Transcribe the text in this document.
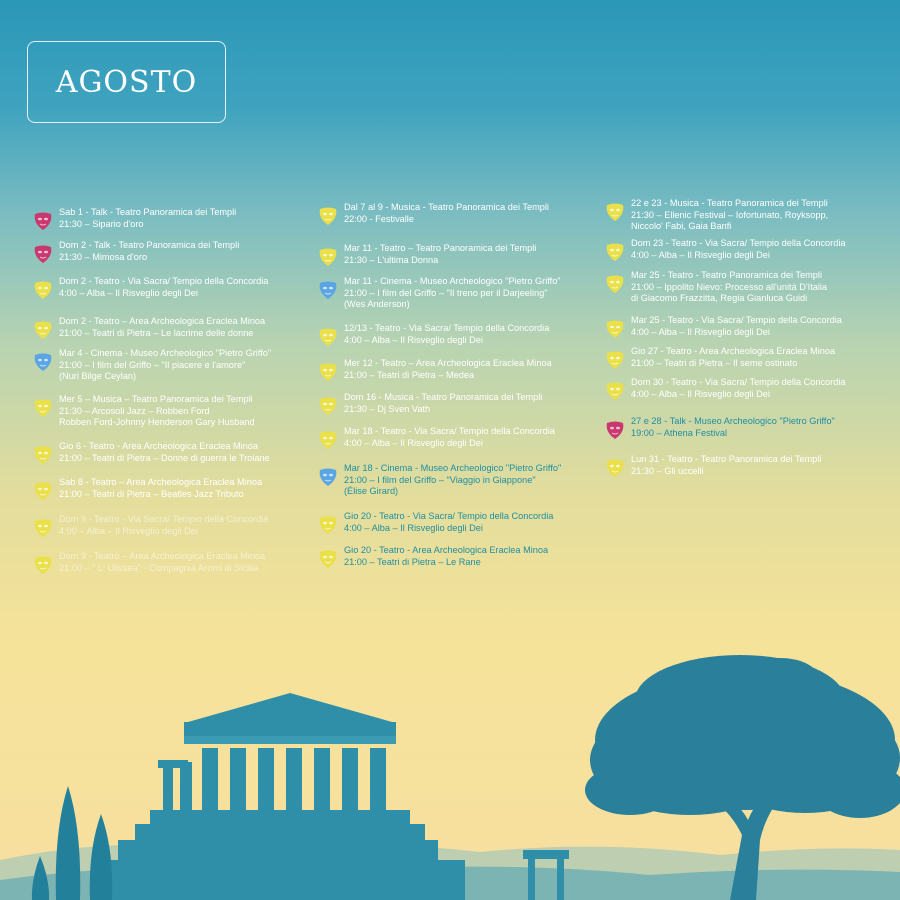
AGOSTO
Sab 1 - Talk - Teatro Panoramica dei Templi
21:30 – Sipario d'oro
Dom 2 - Talk - Teatro Panoramica dei Templi
21:30 – Mimosa d'oro
Dom 2 - Teatro - Via Sacra/ Tempio della Concordia
4:00 – Alba – Il Risveglio degli Dei
Dom 2 - Teatro – Area Archeologica Eraclea Minoa
21:00 – Teatri di Pietra – Le lacrime delle donne
Mar 4 - Cinema - Museo Archeologico "Pietro Griffo"
21:00 – I film del Griffo – "Il piacere e l'amore"
(Nuri Bilge Ceylan)
Mer 5 – Musica – Teatro Panoramica dei Templi
21:30 – Arcosoli Jazz – Robben Ford
Robben Ford-Johnny Henderson Gary Husband
Gio 6 - Teatro - Area Archeologica Eraclea Minoa
21:00 – Teatri di Pietra – Donne di guerra le Troiane
Sab 8 - Teatro – Area Archeologica Eraclea Minoa
21:00 – Teatri di Pietra – Beatles Jazz Tributo
Dom 9 - Teatro - Via Sacra/ Tempio della Concordia
4:00 – Alba – Il Risveglio degli Dei
Dom 9 - Teatro – Area Archeologica Eraclea Minoa
21:00 – " L' Ulissea" - Compagnia Aromi di Sicilia
Dal 7 al 9 - Musica - Teatro Panoramica dei Templi
22:00 - Festivalle
Mar 11 - Teatro – Teatro Panoramica dei Templi
21:30 – L'ultima Donna
Mar 11 - Cinema - Museo Archeologico "Pietro Griffo"
21:00 – I film del Griffo – "Il treno per il Darjeeling"
(Wes Anderson)
12/13 - Teatro - Via Sacra/ Tempio della Concordia
4:00 – Alba – Il Risveglio degli Dei
Mer 12 - Teatro – Area Archeologica Eraclea Minoa
21:00 – Teatri di Pietra – Medea
Dom 16 - Musica - Teatro Panoramica dei Templi
21:30 – Dj Sven Vath
Mar 18 - Teatro - Via Sacra/ Tempio della Concordia
4:00 – Alba – Il Risveglio degli Dei
Mar 18 - Cinema - Museo Archeologico "Pietro Griffo"
21:00 – I film del Griffo – "Viaggio in Giappone"
(Élise Girard)
Gio 20 - Teatro - Via Sacra/ Tempio della Concordia
4:00 – Alba – Il Risveglio degli Dei
Gio 20 - Teatro - Area Archeologica Eraclea Minoa
21:00 – Teatri di Pietra – Le Rane
22 e 23 - Musica - Teatro Panoramica dei Templi
21:30 – Ellenic Festival – Iofortunato, Royksopp,
Niccolo' Fabi, Gaia Banfi
Dom 23 - Teatro - Via Sacra/ Tempio della Concordia
4:00 – Alba – Il Risveglio degli Dei
Mar 25 - Teatro - Teatro Panoramica dei Templi
21:00 – Ippolito Nievo: Processo all'unità D'Italia
di Giacomo Frazzitta, Regia Gianluca Guidi
Mar 25 - Teatro - Via Sacra/ Tempio della Concordia
4:00 – Alba – Il Risveglio degli Dei
Gio 27 - Teatro - Area Archeologica Eraclea Minoa
21:00 – Teatri di Pietra – Il seme ostinato
Dom 30 - Teatro - Via Sacra/ Tempio della Concordia
4:00 – Alba – Il Risveglio degli Dei
27 e 28 - Talk - Museo Archeologico "Pietro Griffo"
19:00 – Athena Festival
Lun 31 - Teatro - Teatro Panoramica dei Templi
21:30 – Gli uccelli
